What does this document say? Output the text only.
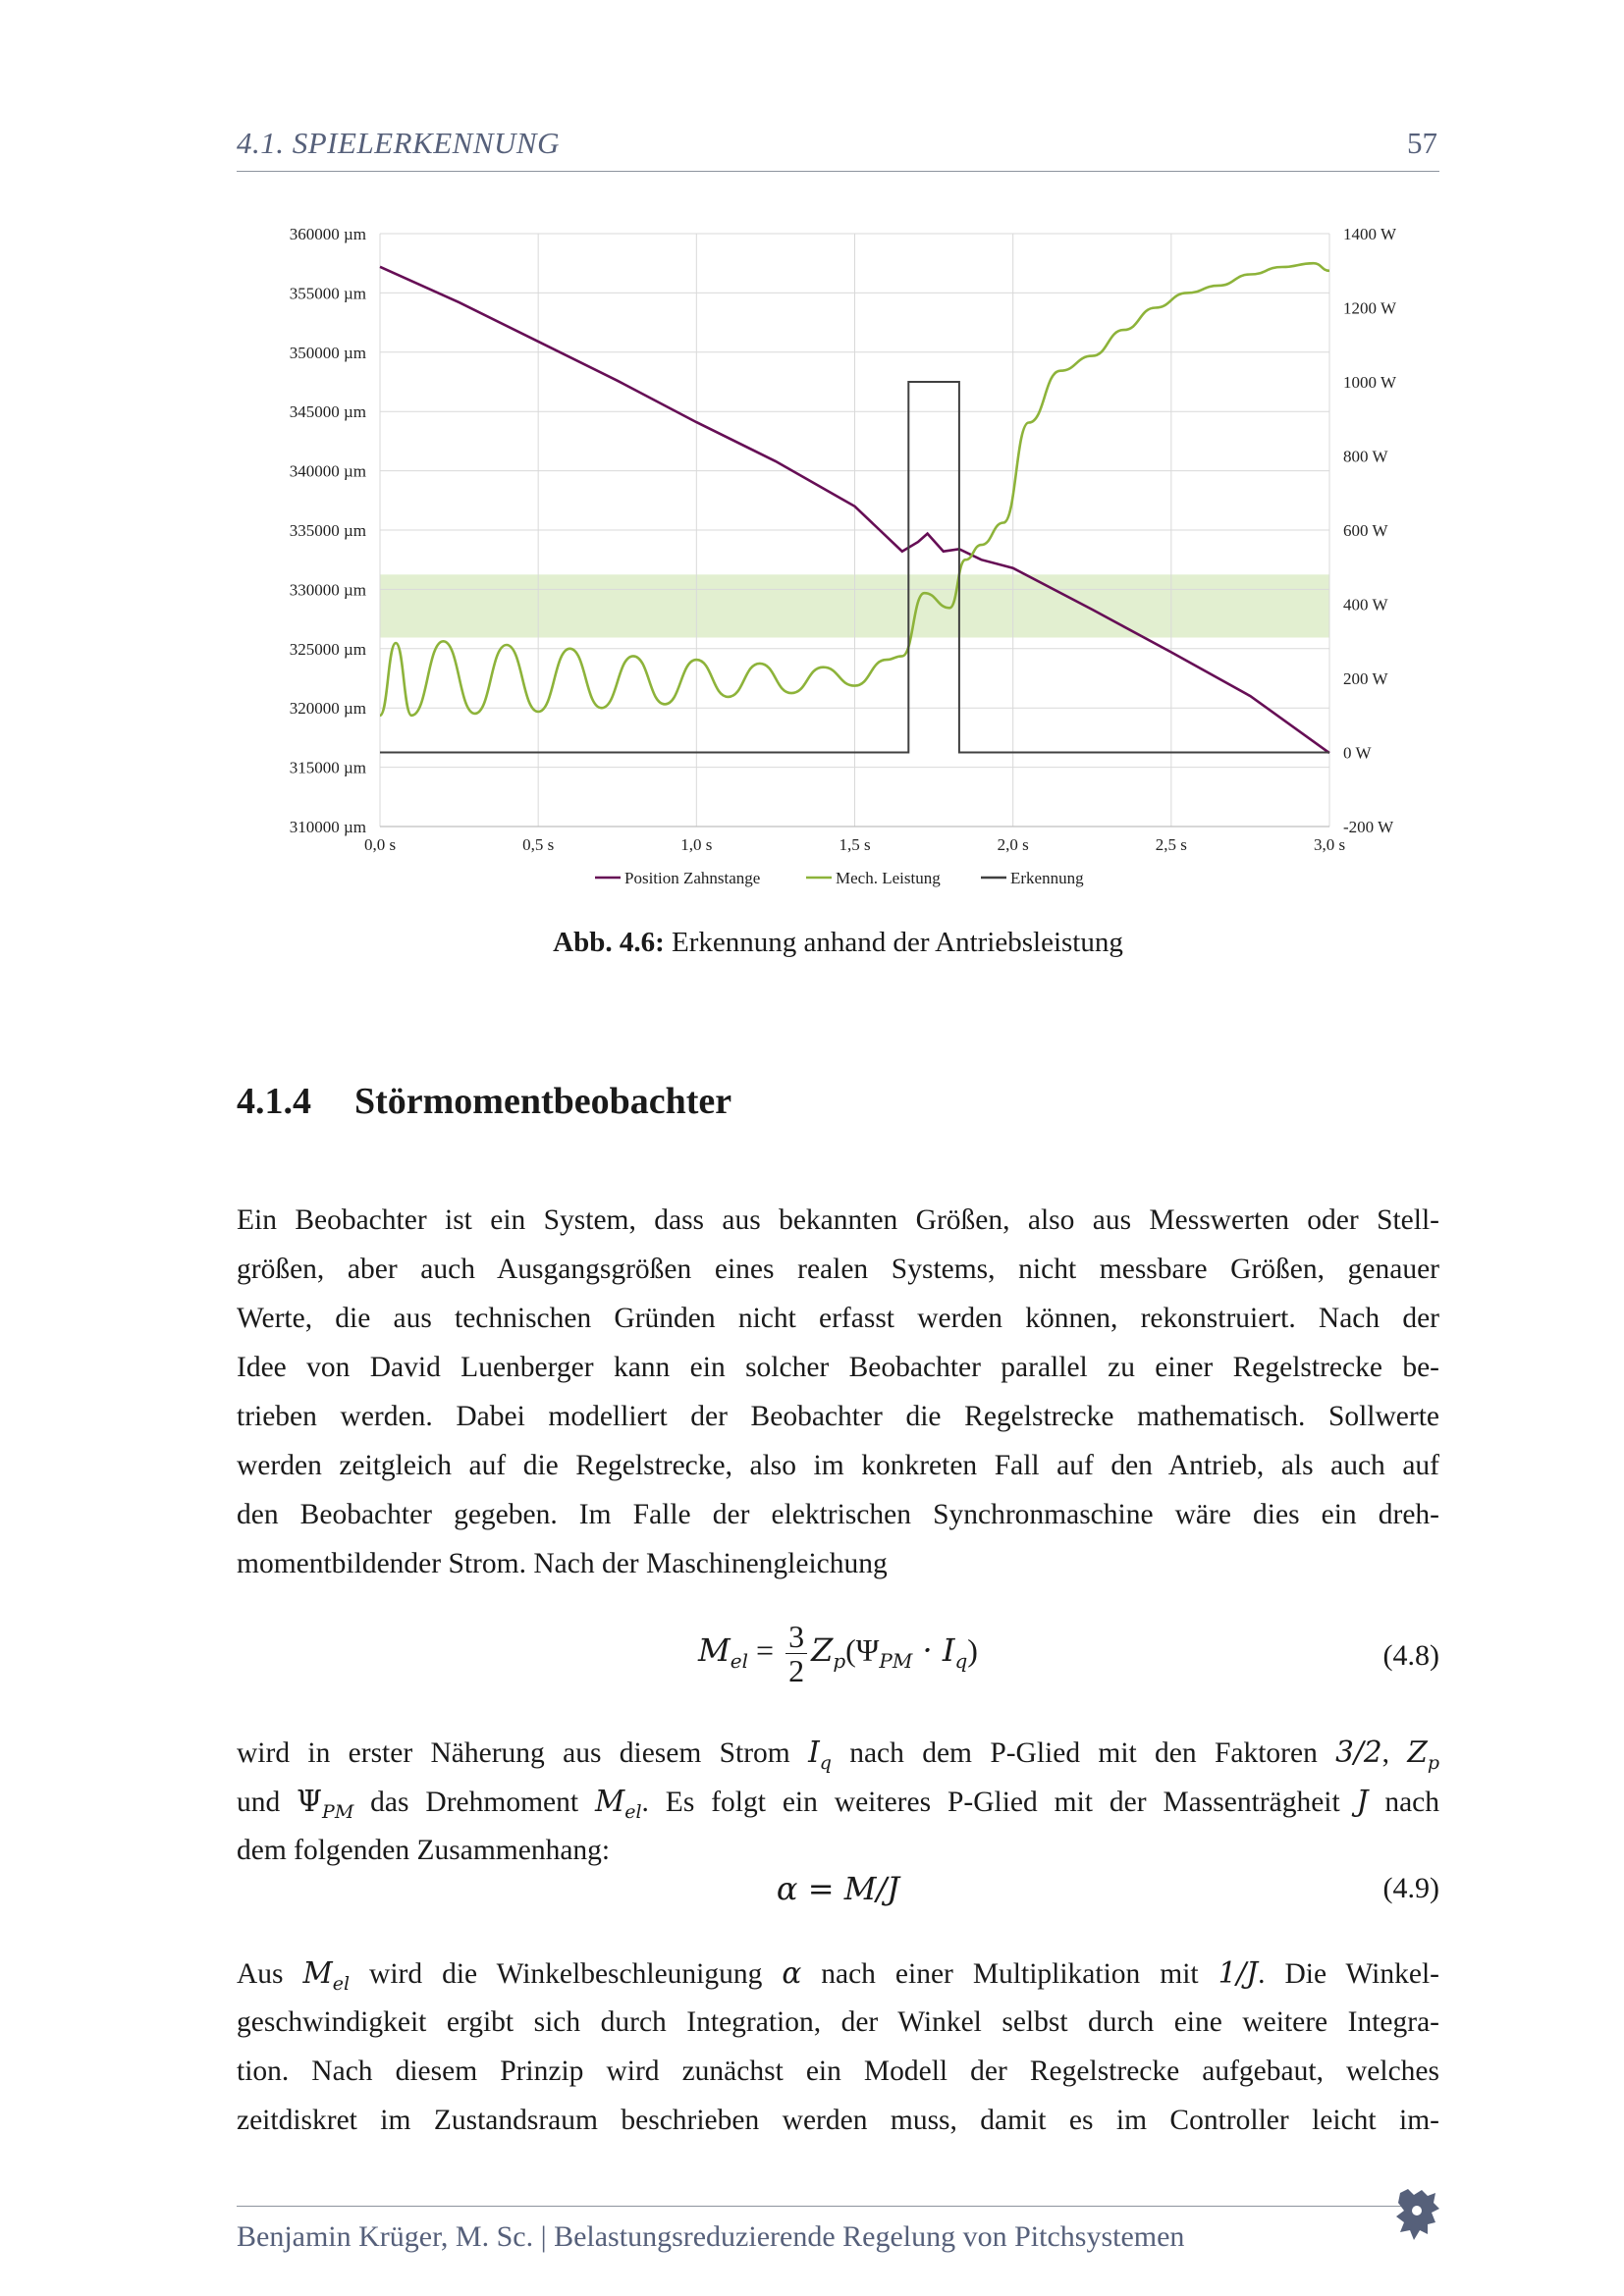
4.1. SPIELERKENNUNG	57
360000 µm
355000 µm
350000 µm
345000 µm
340000 µm
335000 µm
330000 µm
325000 µm
320000 µm
315000 µm
310000 µm
1400 W
1200 W
1000 W
800 W
600 W
400 W
200 W
0 W
-200 W
0,0 s	0,5 s	1,0 s	1,5 s	2,0 s	2,5 s	3,0 s
Position Zahnstange	Mech. Leistung	Erkennung
Abb. 4.6: Erkennung anhand der Antriebsleistung
4.1.4 Störmomentbeobachter
Ein Beobachter ist ein System, dass aus bekannten Größen, also aus Messwerten oder Stell-
größen, aber auch Ausgangsgrößen eines realen Systems, nicht messbare Größen, genauer
Werte, die aus technischen Gründen nicht erfasst werden können, rekonstruiert. Nach der
Idee von David Luenberger kann ein solcher Beobachter parallel zu einer Regelstrecke be-
trieben werden. Dabei modelliert der Beobachter die Regelstrecke mathematisch. Sollwerte
werden zeitgleich auf die Regelstrecke, also im konkreten Fall auf den Antrieb, als auch auf
den Beobachter gegeben. Im Falle der elektrischen Synchronmaschine wäre dies ein dreh-
momentbildender Strom. Nach der Maschinengleichung
$M_{el} = \frac{3}{2} Z_p(\Psi_{PM} \cdot I_q)$	(4.8)
wird in erster Näherung aus diesem Strom $I_q$ nach dem P-Glied mit den Faktoren 3/2, $Z_p$
und $\Psi_{PM}$ das Drehmoment $M_{el}$. Es folgt ein weiteres P-Glied mit der Massenträgheit J nach
dem folgenden Zusammenhang:
α = M/J	(4.9)
Aus $M_{el}$ wird die Winkelbeschleunigung α nach einer Multiplikation mit 1/J. Die Winkel-
geschwindigkeit ergibt sich durch Integration, der Winkel selbst durch eine weitere Integra-
tion. Nach diesem Prinzip wird zunächst ein Modell der Regelstrecke aufgebaut, welches
zeitdiskret im Zustandsraum beschrieben werden muss, damit es im Controller leicht im-
Benjamin Krüger, M. Sc. | Belastungsreduzierende Regelung von Pitchsystemen
